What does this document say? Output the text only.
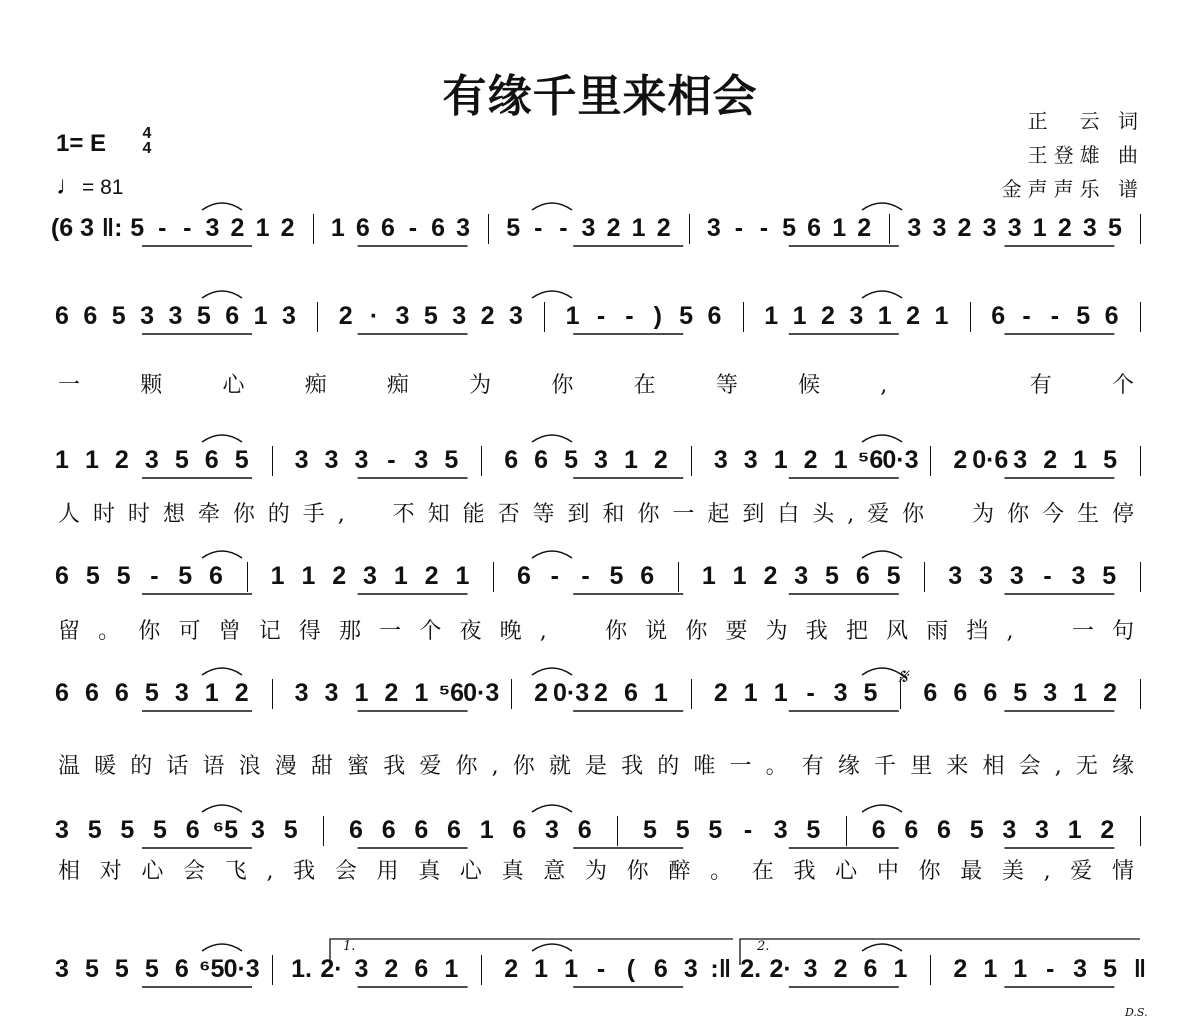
有缘千里来相会	正　云 词
王登雄 曲
金声声乐 谱
1= E	4
4
♩= 81
(6 3 ‖: 5 - - 3 2 1 2	1 6 6 - 6 3	5 - - 3 2 1 2	3 - - 5 6 1 2	3 3 2 3 3 1 2 3 5
6 6 5 3 3 5 6 1 3	2 · 3 5 3 2 3	1 - - ) 5 6	1 1 2 3 1 2 1	6 - - 5 6
一颗心痴痴为你在等候,　有个
1 1 2 3 5 6 5	3 3 3 - 3 5	6 6 5 3 1 2	3 3 1 2 1 ⁵6 0·3	2 0·6 3 2 1 5
人时时想牵你的手,　不知能否等到和你一起到白头,爱你　为你今生停
6 5 5 - 5 6	1 1 2 3 1 2 1	6 - - 5 6	1 1 2 3 5 6 5	3 3 3 - 3 5
留。你可曾记得那一个夜晚,　你说你要为我把风雨挡,　一句
6 6 6 5 3 1 2	3 3 1 2 1 ⁵6 0·3	2 0·3 2 6 1	2 1 1 - 3 5	6 6 6 5 3 1 2
温暖的话语浪漫甜蜜我爱你,你就是我的唯一。有缘千里来相会,无缘
3 5 5 5 6 ⁶5 3 5	6 6 6 6 1 6 3 6	5 5 5 - 3 5	6 6 6 5 3 3 1 2
相对心会飞,我会用真心真意为你醉。在我心中你最美,爱情
3 5 5 5 6 ⁶5 0·3	1. 2· 3 2 6 1	2 1 1 - ( 6 3 :‖ 2. 2· 3 2 6 1	2 1 1 - 3 5 ‖
1.	2.
𝄋
D.S.
